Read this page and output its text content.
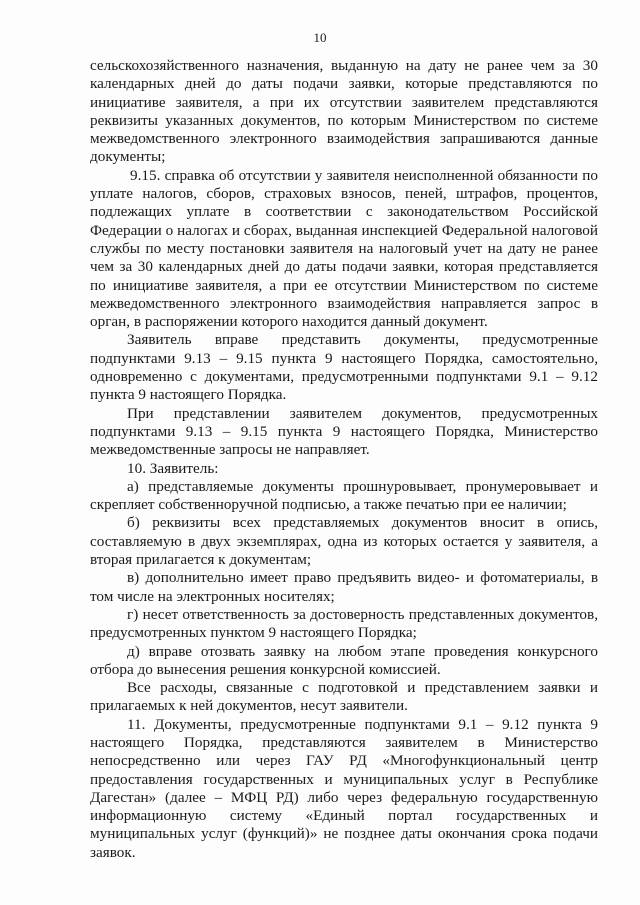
10

сельскохозяйственного назначения, выданную на дату не ранее чем за 30 календарных дней до даты подачи заявки, которые представляются по инициативе заявителя, а при их отсутствии заявителем представляются реквизиты указанных документов, по которым Министерством по системе межведомственного электронного взаимодействия запрашиваются данные документы;

9.15. справка об отсутствии у заявителя неисполненной обязанности по уплате налогов, сборов, страховых взносов, пеней, штрафов, процентов, подлежащих уплате в соответствии с законодательством Российской Федерации о налогах и сборах, выданная инспекцией Федеральной налоговой службы по месту постановки заявителя на налоговый учет на дату не ранее чем за 30 календарных дней до даты подачи заявки, которая представляется по инициативе заявителя, а при ее отсутствии Министерством по системе межведомственного электронного взаимодействия направляется запрос в орган, в распоряжении которого находится данный документ.

Заявитель вправе представить документы, предусмотренные подпунктами 9.13 – 9.15 пункта 9 настоящего Порядка, самостоятельно, одновременно с документами, предусмотренными подпунктами 9.1 – 9.12 пункта 9 настоящего Порядка.

При представлении заявителем документов, предусмотренных подпунктами 9.13 – 9.15 пункта 9 настоящего Порядка, Министерство межведомственные запросы не направляет.

10. Заявитель:

а) представляемые документы прошнуровывает, пронумеровывает и скрепляет собственноручной подписью, а также печатью при ее наличии;

б) реквизиты всех представляемых документов вносит в опись, составляемую в двух экземплярах, одна из которых остается у заявителя, а вторая прилагается к документам;

в) дополнительно имеет право предъявить видео- и фотоматериалы, в том числе на электронных носителях;

г) несет ответственность за достоверность представленных документов, предусмотренных пунктом 9 настоящего Порядка;

д) вправе отозвать заявку на любом этапе проведения конкурсного отбора до вынесения решения конкурсной комиссией.

Все расходы, связанные с подготовкой и представлением заявки и прилагаемых к ней документов, несут заявители.

11. Документы, предусмотренные подпунктами 9.1 – 9.12 пункта 9 настоящего Порядка, представляются заявителем в Министерство непосредственно или через ГАУ РД «Многофункциональный центр предоставления государственных и муниципальных услуг в Республике Дагестан» (далее – МФЦ РД) либо через федеральную государственную информационную систему «Единый портал государственных и муниципальных услуг (функций)» не позднее даты окончания срока подачи заявок.
